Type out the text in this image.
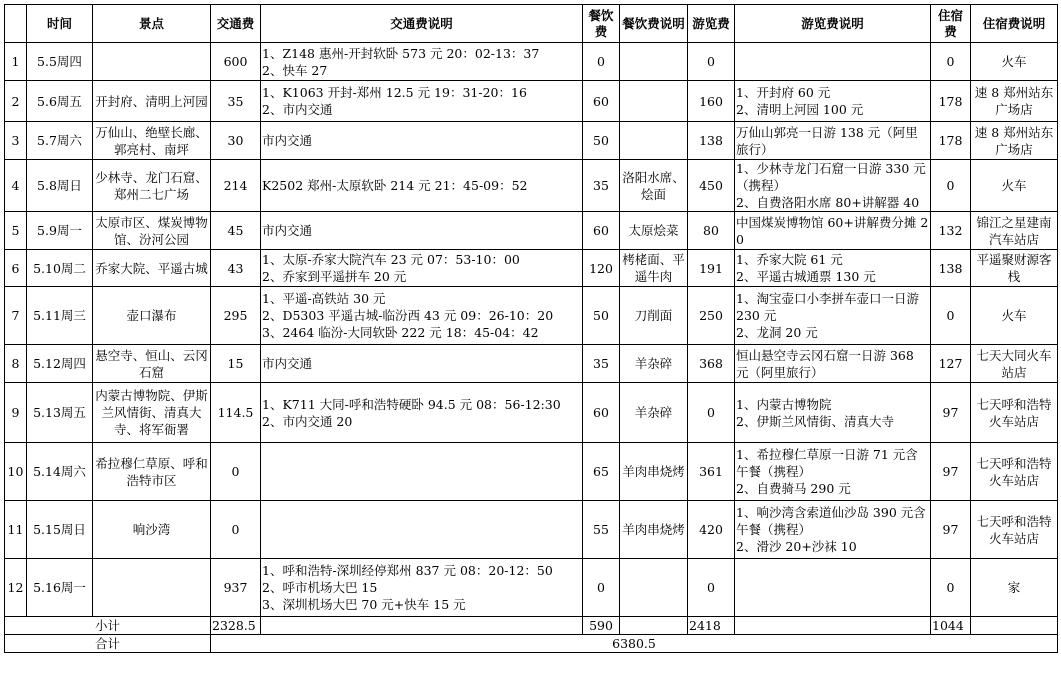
	时间	景点	交通费	交通费说明	餐饮费	餐饮费说明	游览费	游览费说明	住宿费	住宿费说明
1	5.5周四		600	1、Z148 惠州-开封软卧 573 元 20：02-13：37
2、快车 27	0		0		0	火车
2	5.6周五	开封府、清明上河园	35	1、K1063 开封-郑州 12.5 元 19：31-20：16
2、市内交通	60		160	1、开封府 60 元
2、清明上河园 100 元	178	速 8 郑州站东广场店
3	5.7周六	万仙山、绝壁长廊、郭亮村、南坪	30	市内交通	50		138	万仙山郭亮一日游 138 元（阿里旅行）	178	速 8 郑州站东广场店
4	5.8周日	少林寺、龙门石窟、郑州二七广场	214	K2502 郑州-太原软卧 214 元 21：45-09：52	35	洛阳水席、烩面	450	1、少林寺龙门石窟一日游 330 元（携程）
2、自费洛阳水席 80+讲解器 40	0	火车
5	5.9周一	太原市区、煤炭博物馆、汾河公园	45	市内交通	60	太原烩菜	80	中国煤炭博物馆 60+讲解费分摊 20	132	锦江之星建南汽车站店
6	5.10周二	乔家大院、平遥古城	43	1、太原-乔家大院汽车 23 元 07：53-10：00
2、乔家到平遥拼车 20 元	120	栲栳面、平遥牛肉	191	1、乔家大院 61 元
2、平遥古城通票 130 元	138	平遥聚财源客栈
7	5.11周三	壶口瀑布	295	1、平遥-高铁站 30 元
2、D5303 平遥古城-临汾西 43 元 09：26-10：20
3、2464 临汾-大同软卧 222 元 18：45-04：42	50	刀削面	250	1、淘宝壶口小李拼车壶口一日游 230 元
2、龙洞 20 元	0	火车
8	5.12周四	悬空寺、恒山、云冈石窟	15	市内交通	35	羊杂碎	368	恒山悬空寺云冈石窟一日游 368 元（阿里旅行）	127	七天大同火车站店
9	5.13周五	内蒙古博物院、伊斯兰风情街、清真大寺、将军衙署	114.5	1、K711 大同-呼和浩特硬卧 94.5 元 08：56-12:30
2、市内交通 20	60	羊杂碎	0	1、内蒙古博物院
2、伊斯兰风情街、清真大寺	97	七天呼和浩特火车站店
10	5.14周六	希拉穆仁草原、呼和浩特市区	0		65	羊肉串烧烤	361	1、希拉穆仁草原一日游 71 元含午餐（携程）
2、自费骑马 290 元	97	七天呼和浩特火车站店
11	5.15周日	响沙湾	0		55	羊肉串烧烤	420	1、响沙湾含索道仙沙岛 390 元含午餐（携程）
2、滑沙 20+沙袜 10	97	七天呼和浩特火车站店
12	5.16周一		937	1、呼和浩特-深圳经停郑州 837 元 08：20-12：50
2、呼市机场大巴 15
3、深圳机场大巴 70 元+快车 15 元	0		0		0	家
小计			2328.5		590		2418		1044	
合计			6380.5							
